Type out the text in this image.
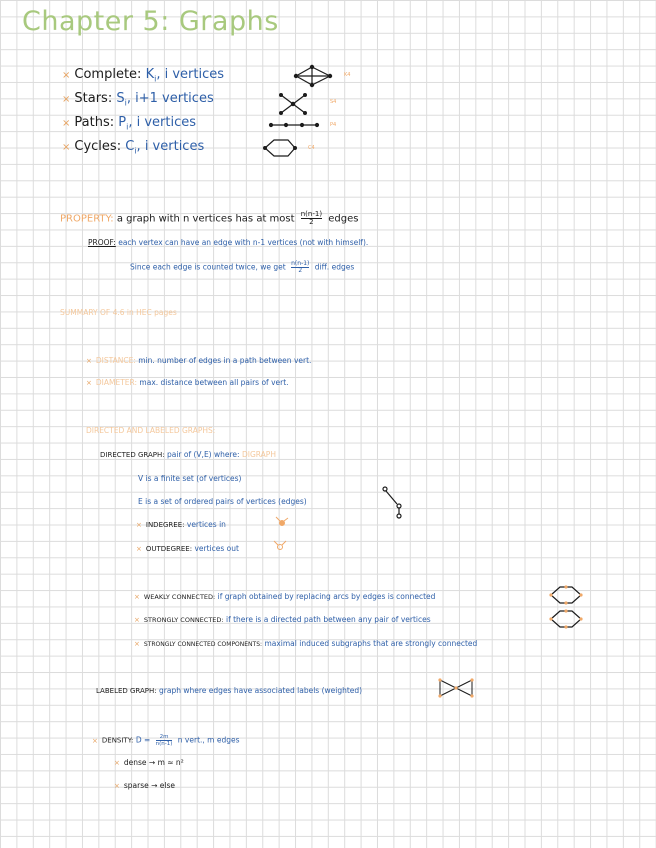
Chapter 5: Graphs
× Complete: $K_i$, i vertices
× Stars: $S_i$, i+1 vertices
× Paths: $P_i$, i vertices
× Cycles: $C_i$, i vertices
K4
S4
P4
C4
PROPERTY: a graph with n vertices has at most $\frac{n(n-1)}{2}$ edges
PROOF: each vertex can have an edge with n-1 vertices (not with himself).
Since each edge is counted twice, we get $\frac{n(n-1)}{2}$ diff. edges
SUMMARY OF 4.6 in HEC pages
× DISTANCE: min. number of edges in a path between vert.
× DIAMETER: max. distance between all pairs of vert.
DIRECTED AND LABELED GRAPHS:
DIRECTED GRAPH: pair of (V,E) where: DIGRAPH
V is a finite set (of vertices)
E is a set of ordered pairs of vertices (edges)
× INDEGREE: vertices in
× OUTDEGREE: vertices out
× WEAKLY CONNECTED: if graph obtained by replacing arcs by edges is connected
× STRONGLY CONNECTED: if there is a directed path between any pair of vertices
× STRONGLY CONNECTED COMPONENTS: maximal induced subgraphs that are strongly connected
LABELED GRAPH: graph where edges have associated labels (weighted)
× DENSITY: $D = \frac{2m}{n(n-1)}$ n vert., m edges
× dense → m ≈ n²
× sparse → else
